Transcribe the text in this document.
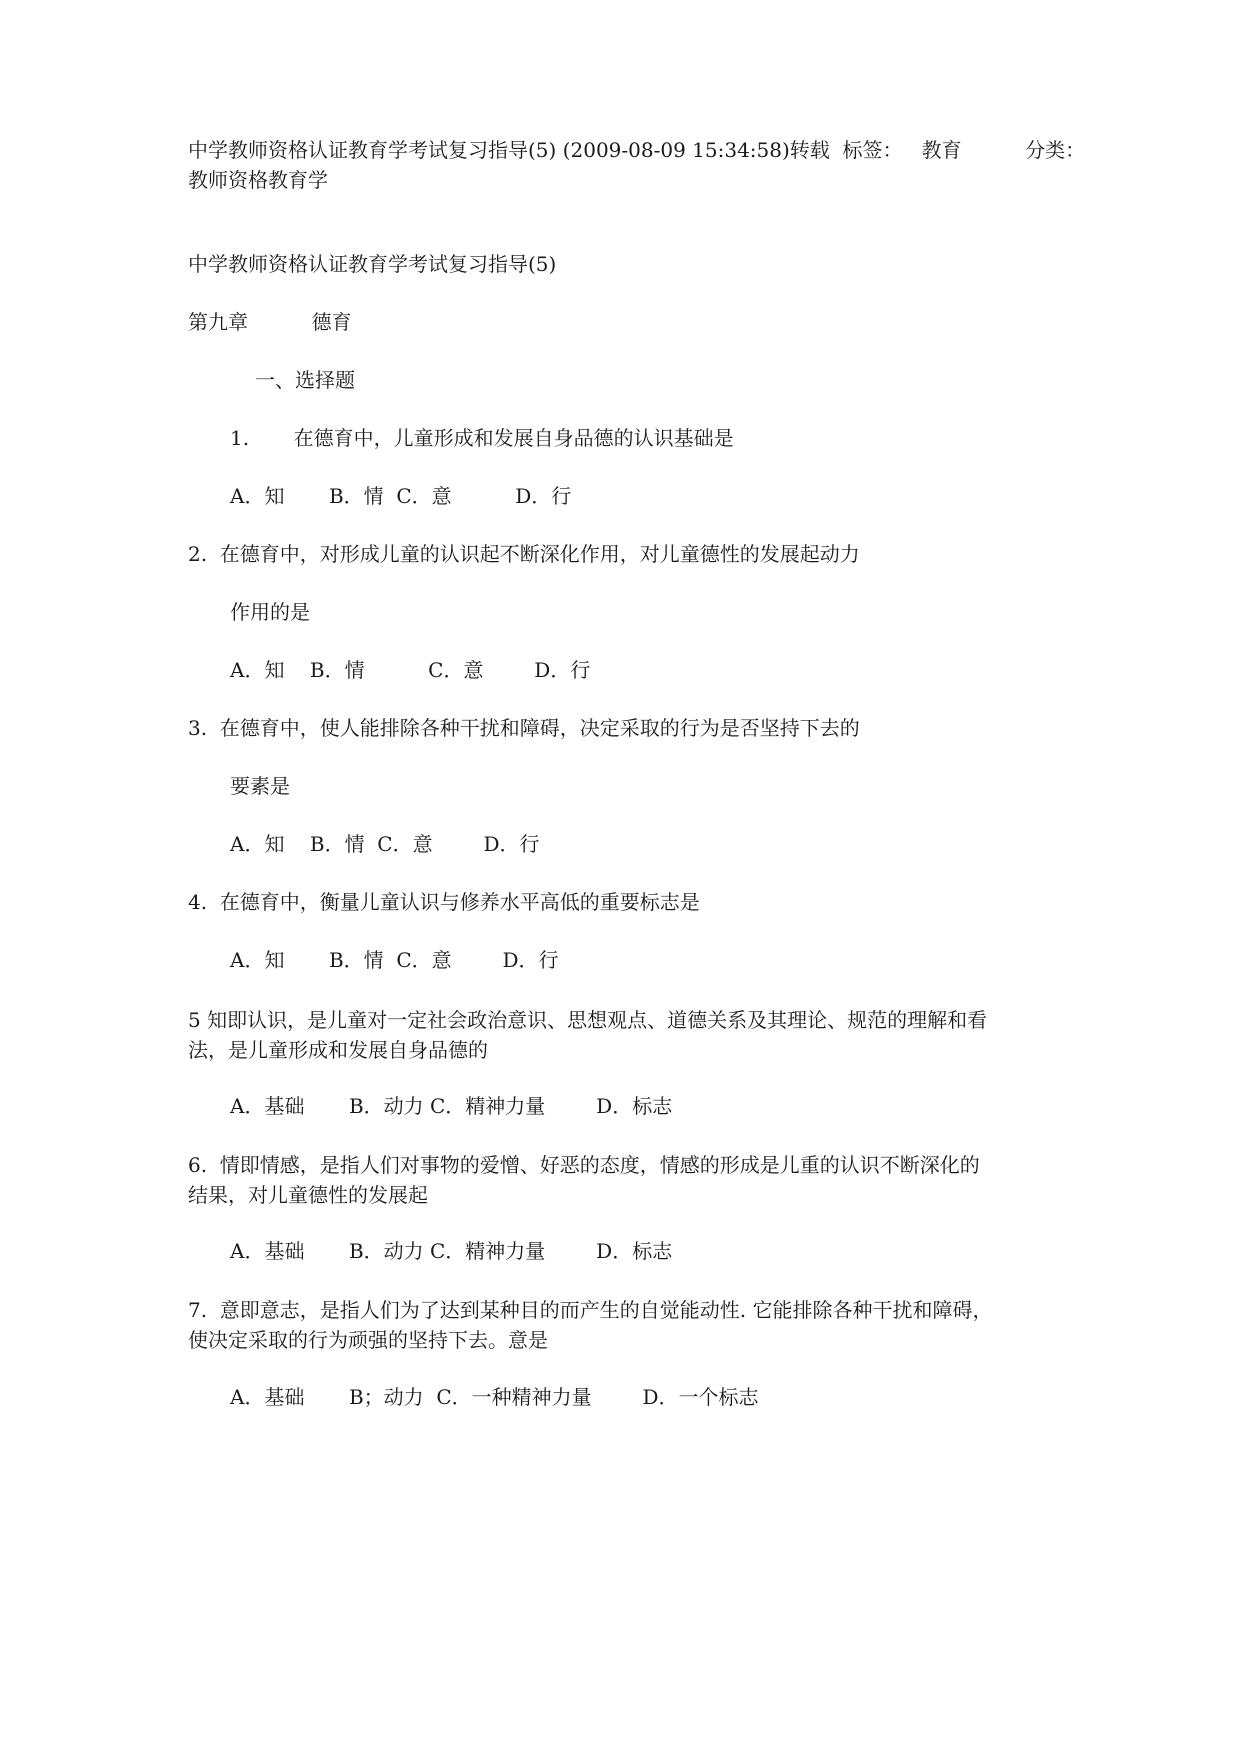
中学教师资格认证教育学考试复习指导(5) (2009-08-09 15:34:58)转载  标签：   教育          分类：

教师资格教育学

中学教师资格认证教育学考试复习指导(5)

第九章          德育

一、选择题

1.       在德育中，儿童形成和发展自身品德的认识基础是

A．知       B．情  C．意          D．行

2.  在德育中，对形成儿童的认识起不断深化作用，对儿童德性的发展起动力

作用的是

A．知    B．情          C．意        D．行

3.  在德育中，使人能排除各种干扰和障碍，决定采取的行为是否坚持下去的

要素是

A．知    B．情  C．意        D．行

4.  在德育中，衡量儿童认识与修养水平高低的重要标志是

A．知       B．情  C．意        D．行

5 知即认识，是儿童对一定社会政治意识、思想观点、道德关系及其理论、规范的理解和看

法，是儿童形成和发展自身品德的

A．基础       B．动力 C．精神力量        D．标志

6.  情即情感，是指人们对事物的爱憎、好恶的态度，情感的形成是儿重的认识不断深化的

结果，对儿童德性的发展起

A．基础       B．动力 C．精神力量        D．标志

7.  意即意志，是指人们为了达到某种目的而产生的自觉能动性. 它能排除各种干扰和障碍，

使决定采取的行为顽强的坚持下去。意是

A．基础       B；动力  C．一种精神力量        D．一个标志
